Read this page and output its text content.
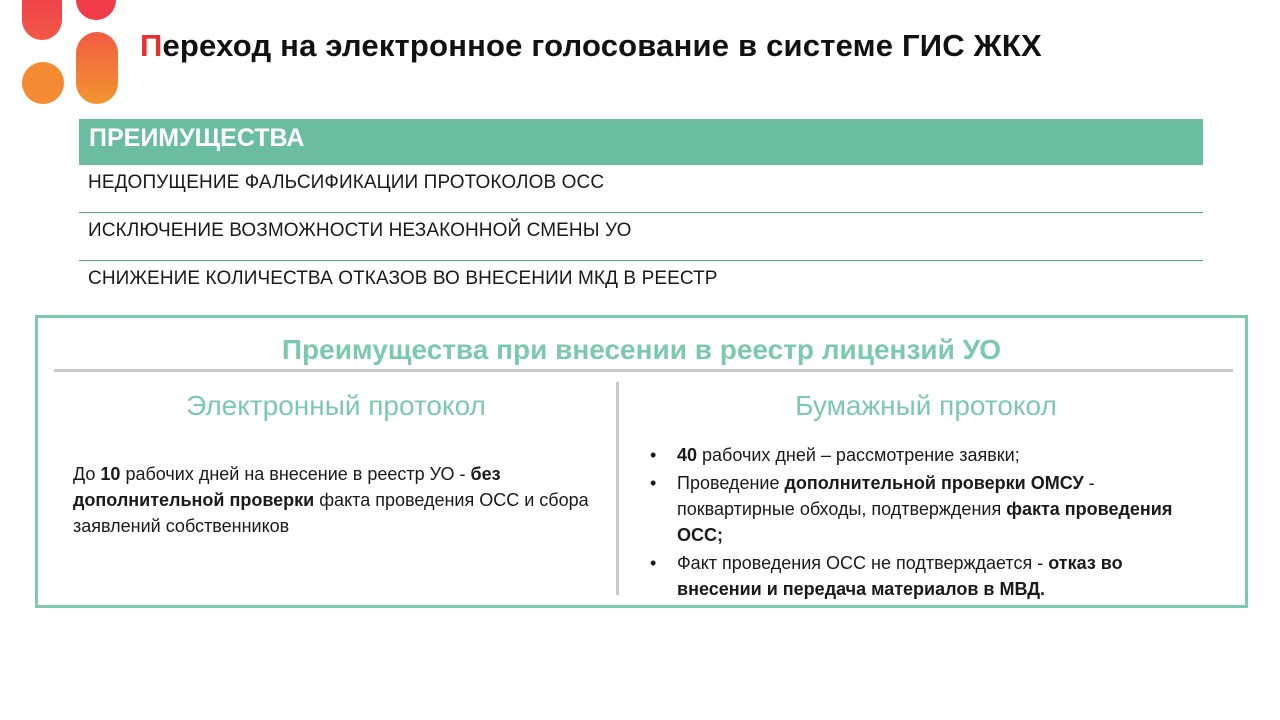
Переход на электронное голосование в системе ГИС ЖКХ
ПРЕИМУЩЕСТВА
НЕДОПУЩЕНИЕ ФАЛЬСИФИКАЦИИ ПРОТОКОЛОВ ОСС
ИСКЛЮЧЕНИЕ ВОЗМОЖНОСТИ НЕЗАКОННОЙ СМЕНЫ УО
СНИЖЕНИЕ КОЛИЧЕСТВА ОТКАЗОВ ВО ВНЕСЕНИИ МКД В РЕЕСТР
Преимущества при внесении в реестр лицензий УО
Электронный протокол	Бумажный протокол
До 10 рабочих дней на внесение в реестр УО - без дополнительной проверки факта проведения ОСС и сбора заявлений собственников
• 40 рабочих дней – рассмотрение заявки;
• Проведение дополнительной проверки ОМСУ - поквартирные обходы, подтверждения факта проведения ОСС;
• Факт проведения ОСС не подтверждается - отказ во внесении и передача материалов в МВД.
